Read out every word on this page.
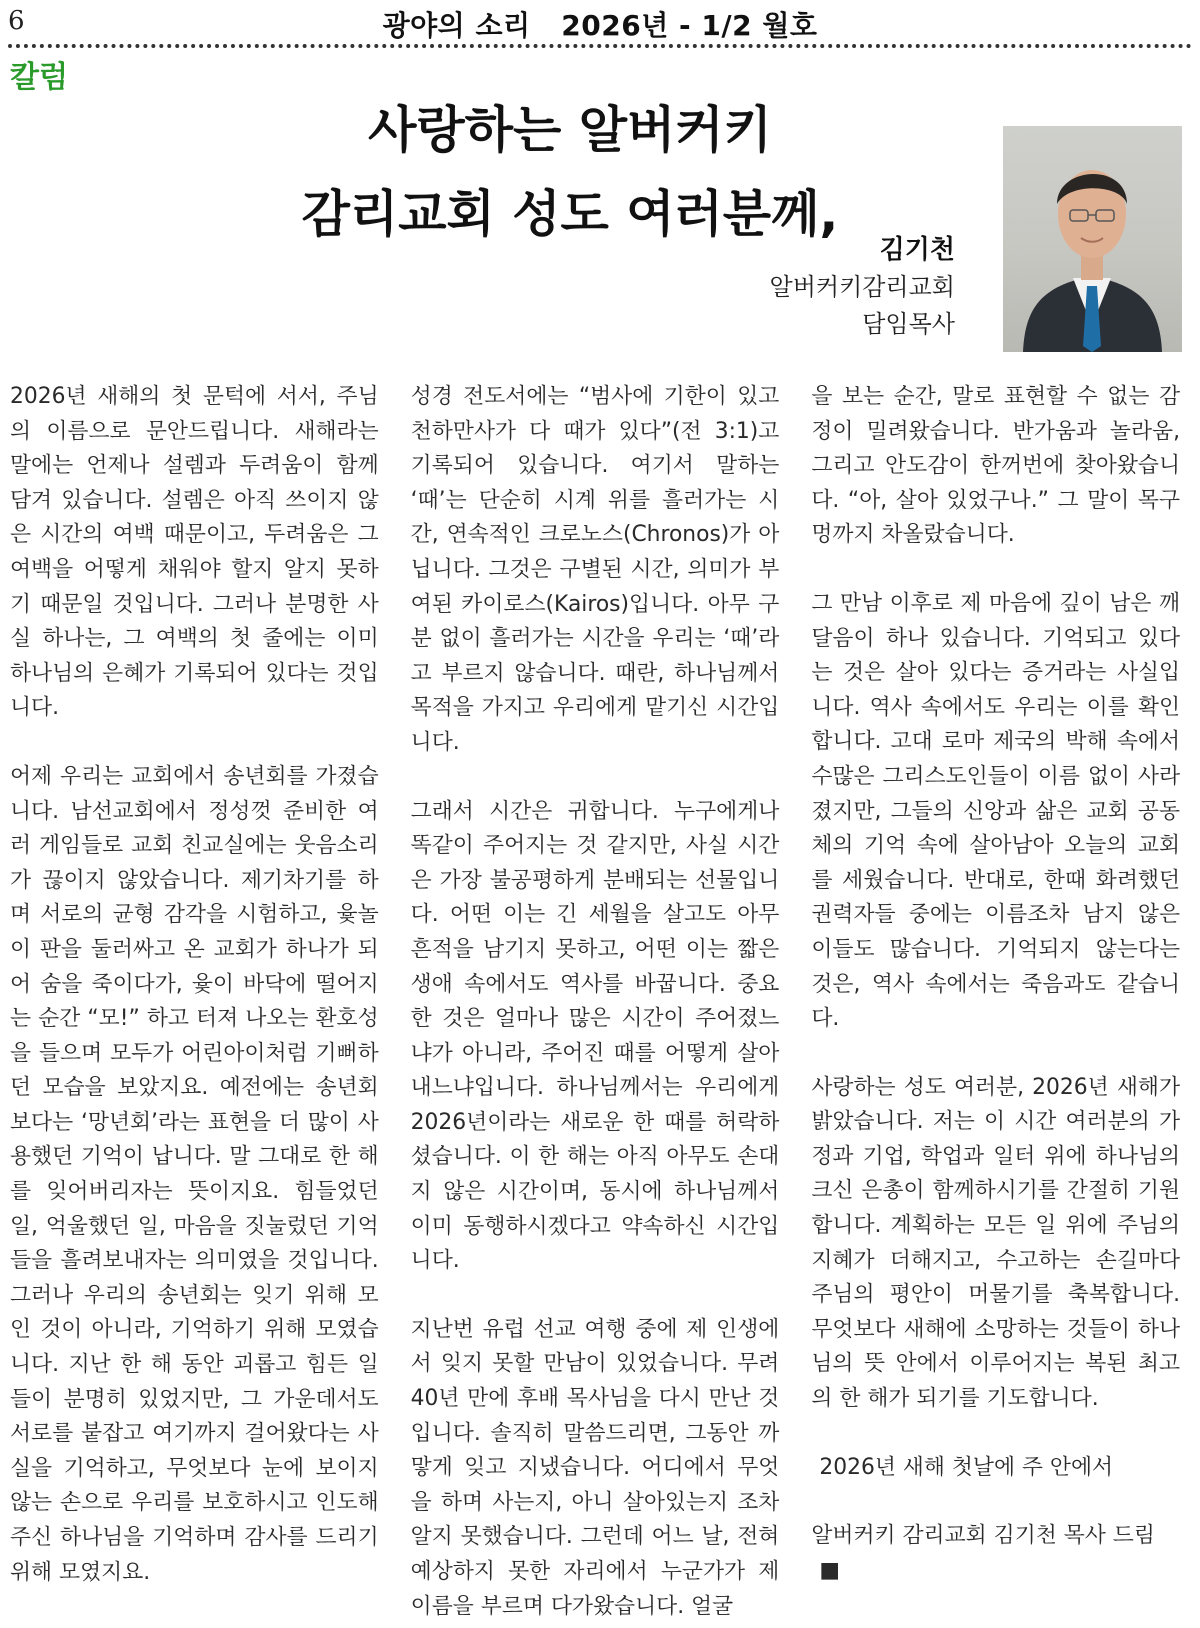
6	광야의 소리   2026년 - 1/2 월호
칼럼
사랑하는 알버커키
감리교회 성도 여러분께,
김기천
알버커키감리교회
담임목사

2026년 새해의 첫 문턱에 서서, 주님의 이름으로 문안드립니다. 새해라는 말에는 언제나 설렘과 두려움이 함께 담겨 있습니다. 설렘은 아직 쓰이지 않은 시간의 여백 때문이고, 두려움은 그 여백을 어떻게 채워야 할지 알지 못하기 때문일 것입니다. 그러나 분명한 사실 하나는, 그 여백의 첫 줄에는 이미 하나님의 은혜가 기록되어 있다는 것입니다.

어제 우리는 교회에서 송년회를 가졌습니다. 남선교회에서 정성껏 준비한 여러 게임들로 교회 친교실에는 웃음소리가 끊이지 않았습니다. 제기차기를 하며 서로의 균형 감각을 시험하고, 윷놀이 판을 둘러싸고 온 교회가 하나가 되어 숨을 죽이다가, 윷이 바닥에 떨어지는 순간 “모!” 하고 터져 나오는 환호성을 들으며 모두가 어린아이처럼 기뻐하던 모습을 보았지요. 예전에는 송년회보다는 ‘망년회’라는 표현을 더 많이 사용했던 기억이 납니다. 말 그대로 한 해를 잊어버리자는 뜻이지요. 힘들었던 일, 억울했던 일, 마음을 짓눌렀던 기억들을 흘려보내자는 의미였을 것입니다. 그러나 우리의 송년회는 잊기 위해 모인 것이 아니라, 기억하기 위해 모였습니다. 지난 한 해 동안 괴롭고 힘든 일들이 분명히 있었지만, 그 가운데서도 서로를 붙잡고 여기까지 걸어왔다는 사실을 기억하고, 무엇보다 눈에 보이지 않는 손으로 우리를 보호하시고 인도해주신 하나님을 기억하며 감사를 드리기 위해 모였지요.

성경 전도서에는 “범사에 기한이 있고 천하만사가 다 때가 있다”(전 3:1)고 기록되어 있습니다. 여기서 말하는 ‘때’는 단순히 시계 위를 흘러가는 시간, 연속적인 크로노스(Chronos)가 아닙니다. 그것은 구별된 시간, 의미가 부여된 카이로스(Kairos)입니다. 아무 구분 없이 흘러가는 시간을 우리는 ‘때’라고 부르지 않습니다. 때란, 하나님께서 목적을 가지고 우리에게 맡기신 시간입니다.

그래서 시간은 귀합니다. 누구에게나 똑같이 주어지는 것 같지만, 사실 시간은 가장 불공평하게 분배되는 선물입니다. 어떤 이는 긴 세월을 살고도 아무 흔적을 남기지 못하고, 어떤 이는 짧은 생애 속에서도 역사를 바꿉니다. 중요한 것은 얼마나 많은 시간이 주어졌느냐가 아니라, 주어진 때를 어떻게 살아내느냐입니다. 하나님께서는 우리에게 2026년이라는 새로운 한 때를 허락하셨습니다. 이 한 해는 아직 아무도 손대지 않은 시간이며, 동시에 하나님께서 이미 동행하시겠다고 약속하신 시간입니다.

지난번 유럽 선교 여행 중에 제 인생에서 잊지 못할 만남이 있었습니다. 무려 40년 만에 후배 목사님을 다시 만난 것입니다. 솔직히 말씀드리면, 그동안 까맣게 잊고 지냈습니다. 어디에서 무엇을 하며 사는지, 아니 살아있는지 조차 알지 못했습니다. 그런데 어느 날, 전혀 예상하지 못한 자리에서 누군가가 제 이름을 부르며 다가왔습니다. 얼굴

을 보는 순간, 말로 표현할 수 없는 감정이 밀려왔습니다. 반가움과 놀라움, 그리고 안도감이 한꺼번에 찾아왔습니다. “아, 살아 있었구나.” 그 말이 목구멍까지 차올랐습니다.

그 만남 이후로 제 마음에 깊이 남은 깨달음이 하나 있습니다. 기억되고 있다는 것은 살아 있다는 증거라는 사실입니다. 역사 속에서도 우리는 이를 확인합니다. 고대 로마 제국의 박해 속에서 수많은 그리스도인들이 이름 없이 사라졌지만, 그들의 신앙과 삶은 교회 공동체의 기억 속에 살아남아 오늘의 교회를 세웠습니다. 반대로, 한때 화려했던 권력자들 중에는 이름조차 남지 않은 이들도 많습니다. 기억되지 않는다는 것은, 역사 속에서는 죽음과도 같습니다.

사랑하는 성도 여러분, 2026년 새해가 밝았습니다. 저는 이 시간 여러분의 가정과 기업, 학업과 일터 위에 하나님의 크신 은총이 함께하시기를 간절히 기원합니다. 계획하는 모든 일 위에 주님의 지혜가 더해지고, 수고하는 손길마다 주님의 평안이 머물기를 축복합니다. 무엇보다 새해에 소망하는 것들이 하나님의 뜻 안에서 이루어지는 복된 최고의 한 해가 되기를 기도합니다.

2026년 새해 첫날에 주 안에서

알버커키 감리교회 김기천 목사 드림

■
